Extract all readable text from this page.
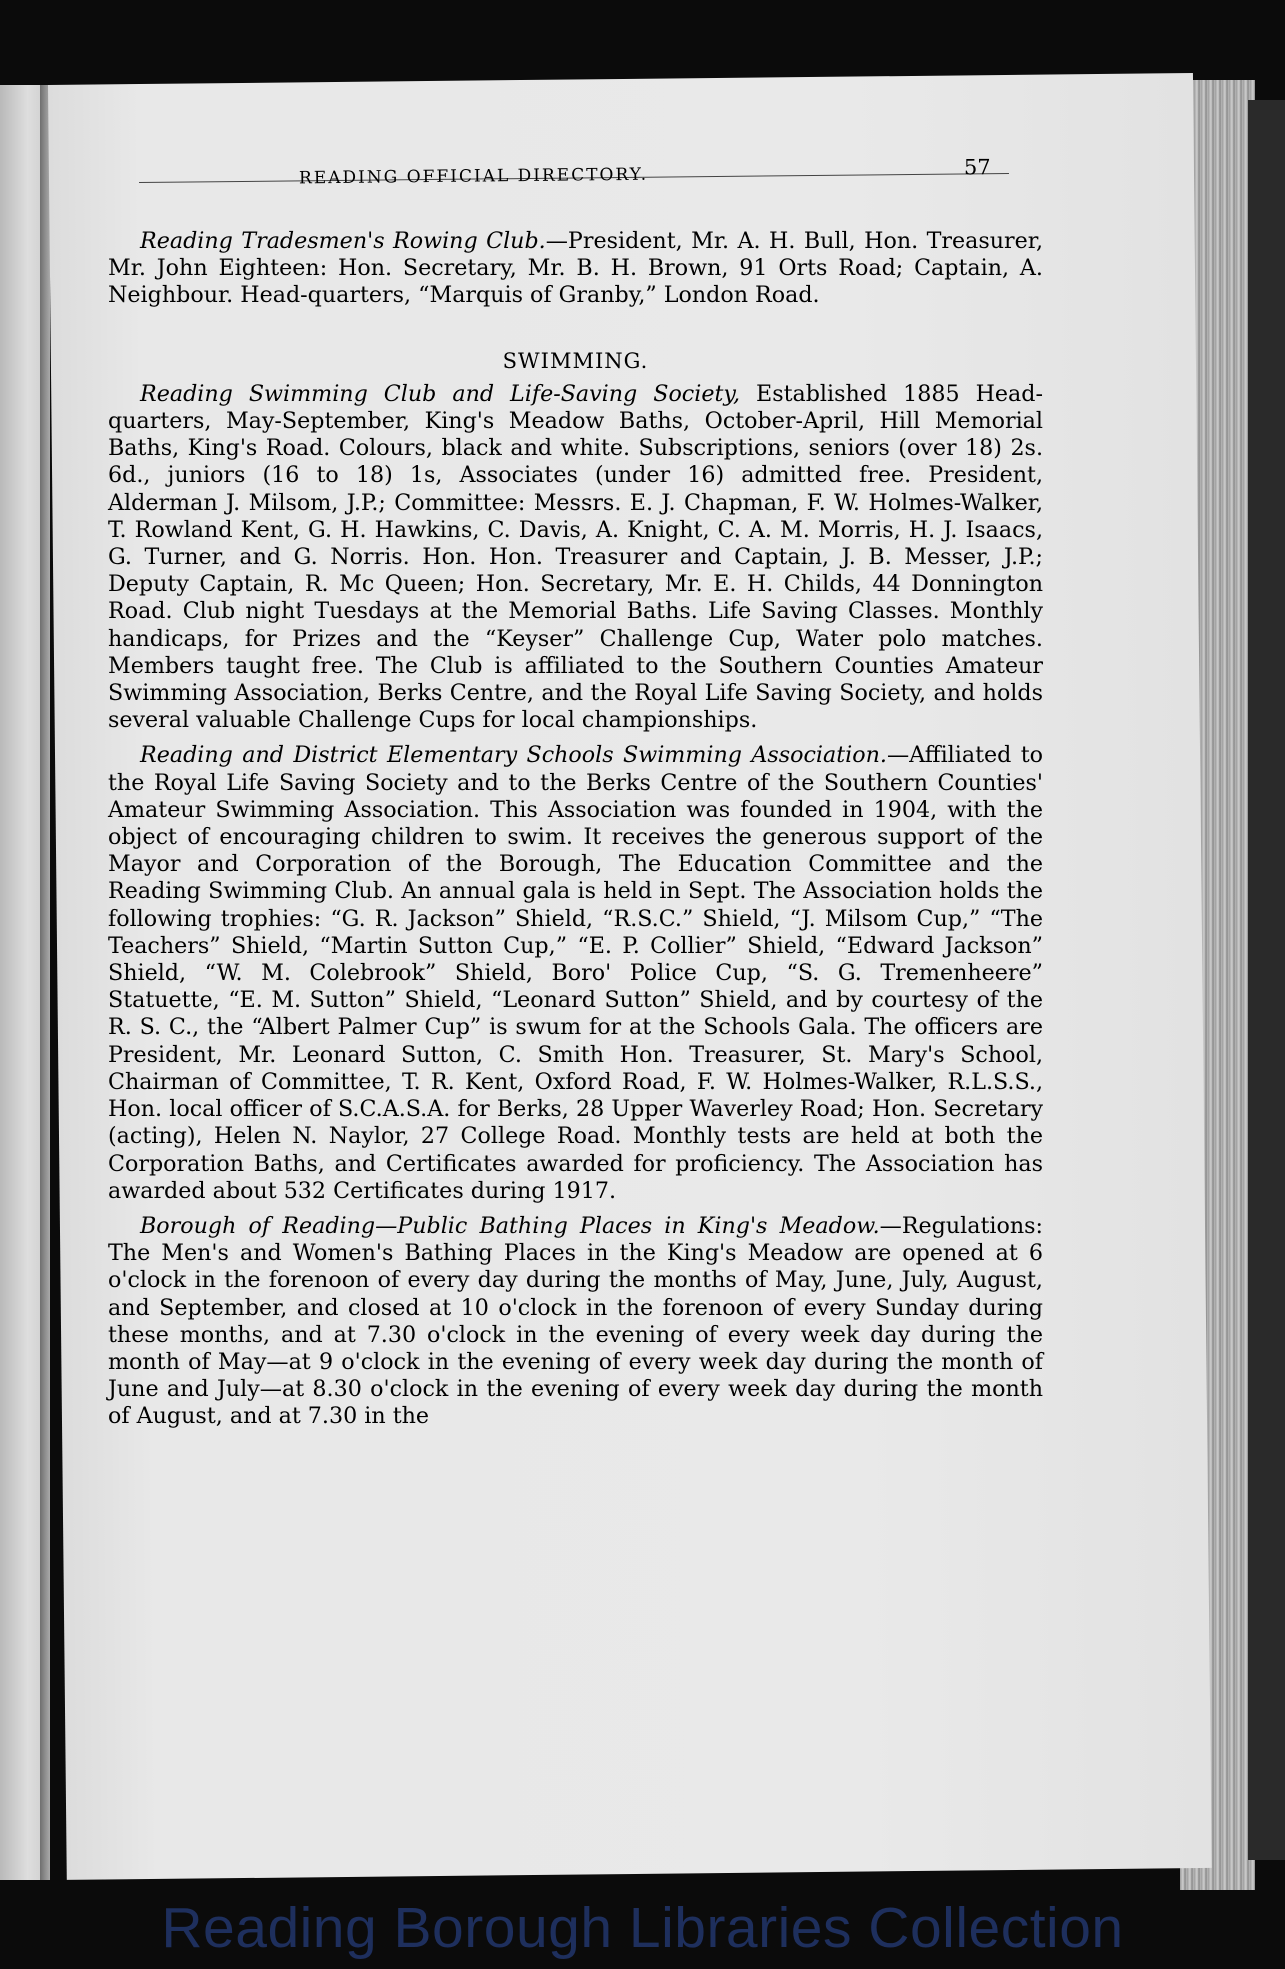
READING OFFICIAL DIRECTORY.	57

Reading Tradesmen's Rowing Club.—President, Mr. A. H. Bull, Hon. Treasurer, Mr. John Eighteen: Hon. Secretary, Mr. B. H. Brown, 91 Orts Road; Captain, A. Neighbour. Head-quarters, “Marquis of Granby,” London Road.

SWIMMING.

Reading Swimming Club and Life-Saving Society, Established 1885 Head-quarters, May-September, King's Meadow Baths, October-April, Hill Memorial Baths, King's Road. Colours, black and white. Subscriptions, seniors (over 18) 2s. 6d., juniors (16 to 18) 1s, Associates (under 16) admitted free. President, Alderman J. Milsom, J.P.; Committee: Messrs. E. J. Chapman, F. W. Holmes-Walker, T. Rowland Kent, G. H. Hawkins, C. Davis, A. Knight, C. A. M. Morris, H. J. Isaacs, G. Turner, and G. Norris. Hon. Hon. Treasurer and Captain, J. B. Messer, J.P.; Deputy Captain, R. Mc Queen; Hon. Secretary, Mr. E. H. Childs, 44 Donnington Road. Club night Tuesdays at the Memorial Baths. Life Saving Classes. Monthly handicaps, for Prizes and the “Keyser” Challenge Cup, Water polo matches. Members taught free. The Club is affiliated to the Southern Counties Amateur Swimming Association, Berks Centre, and the Royal Life Saving Society, and holds several valuable Challenge Cups for local championships.

Reading and District Elementary Schools Swimming Association.—Affiliated to the Royal Life Saving Society and to the Berks Centre of the Southern Counties' Amateur Swimming Association. This Association was founded in 1904, with the object of encouraging children to swim. It receives the generous support of the Mayor and Corporation of the Borough, The Education Committee and the Reading Swimming Club. An annual gala is held in Sept. The Association holds the following trophies: “G. R. Jackson” Shield, “R.S.C.” Shield, “J. Milsom Cup,” “The Teachers” Shield, “Martin Sutton Cup,” “E. P. Collier” Shield, “Edward Jackson” Shield, “W. M. Colebrook” Shield, Boro' Police Cup, “S. G. Tremenheere” Statuette, “E. M. Sutton” Shield, “Leonard Sutton” Shield, and by courtesy of the R. S. C., the “Albert Palmer Cup” is swum for at the Schools Gala. The officers are President, Mr. Leonard Sutton, C. Smith Hon. Treasurer, St. Mary's School, Chairman of Committee, T. R. Kent, Oxford Road, F. W. Holmes-Walker, R.L.S.S., Hon. local officer of S.C.A.S.A. for Berks, 28 Upper Waverley Road; Hon. Secretary (acting), Helen N. Naylor, 27 College Road. Monthly tests are held at both the Corporation Baths, and Certificates awarded for proficiency. The Association has awarded about 532 Certificates during 1917.

Borough of Reading—Public Bathing Places in King's Meadow.—Regulations: The Men's and Women's Bathing Places in the King's Meadow are opened at 6 o'clock in the forenoon of every day during the months of May, June, July, August, and September, and closed at 10 o'clock in the forenoon of every Sunday during these months, and at 7.30 o'clock in the evening of every week day during the month of May—at 9 o'clock in the evening of every week day during the month of June and July—at 8.30 o'clock in the evening of every week day during the month of August, and at 7.30 in the

Reading Borough Libraries Collection
